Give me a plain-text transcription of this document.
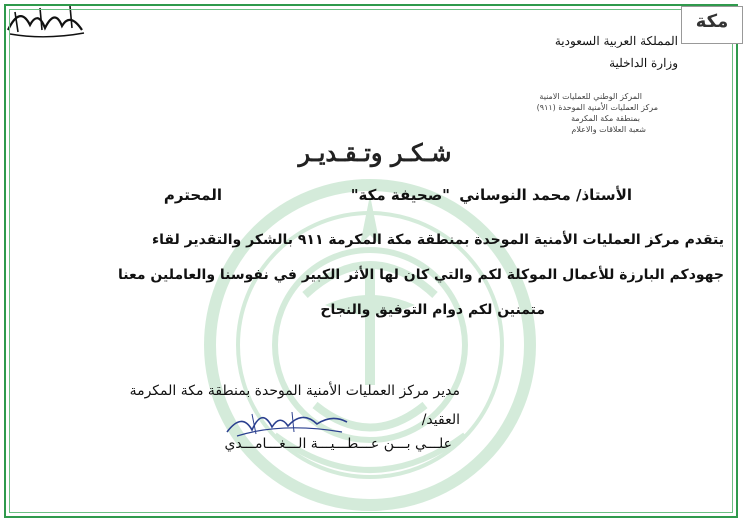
مكة
المملكة العربية السعودية
وزارة الداخلية
المركز الوطني للعمليات الامنية
مركز العمليات الأمنية الموحدة (٩١١)
بمنطقة مكة المكرمة
شعبة العلاقات والاعلام
شـكـر وتـقـديـر
الأستاذ/ محمد النوساني
"صحيفة مكة"
المحترم
يتقدم مركز العمليات الأمنية الموحدة بمنطقة مكة المكرمة ٩١١ بالشكر والتقدير لقاء
جهودكم البارزة للأعمال الموكلة لكم والتي كان لها الأثر الكبير في نفوسنا والعاملين معنا
متمنين لكم دوام التوفيق والنجاح
مدير مركز العمليات الأمنية الموحدة بمنطقة مكة المكرمة
العقيد/
علـــي بـــن عـــطـــيـــة الـــغـــامـــدي
